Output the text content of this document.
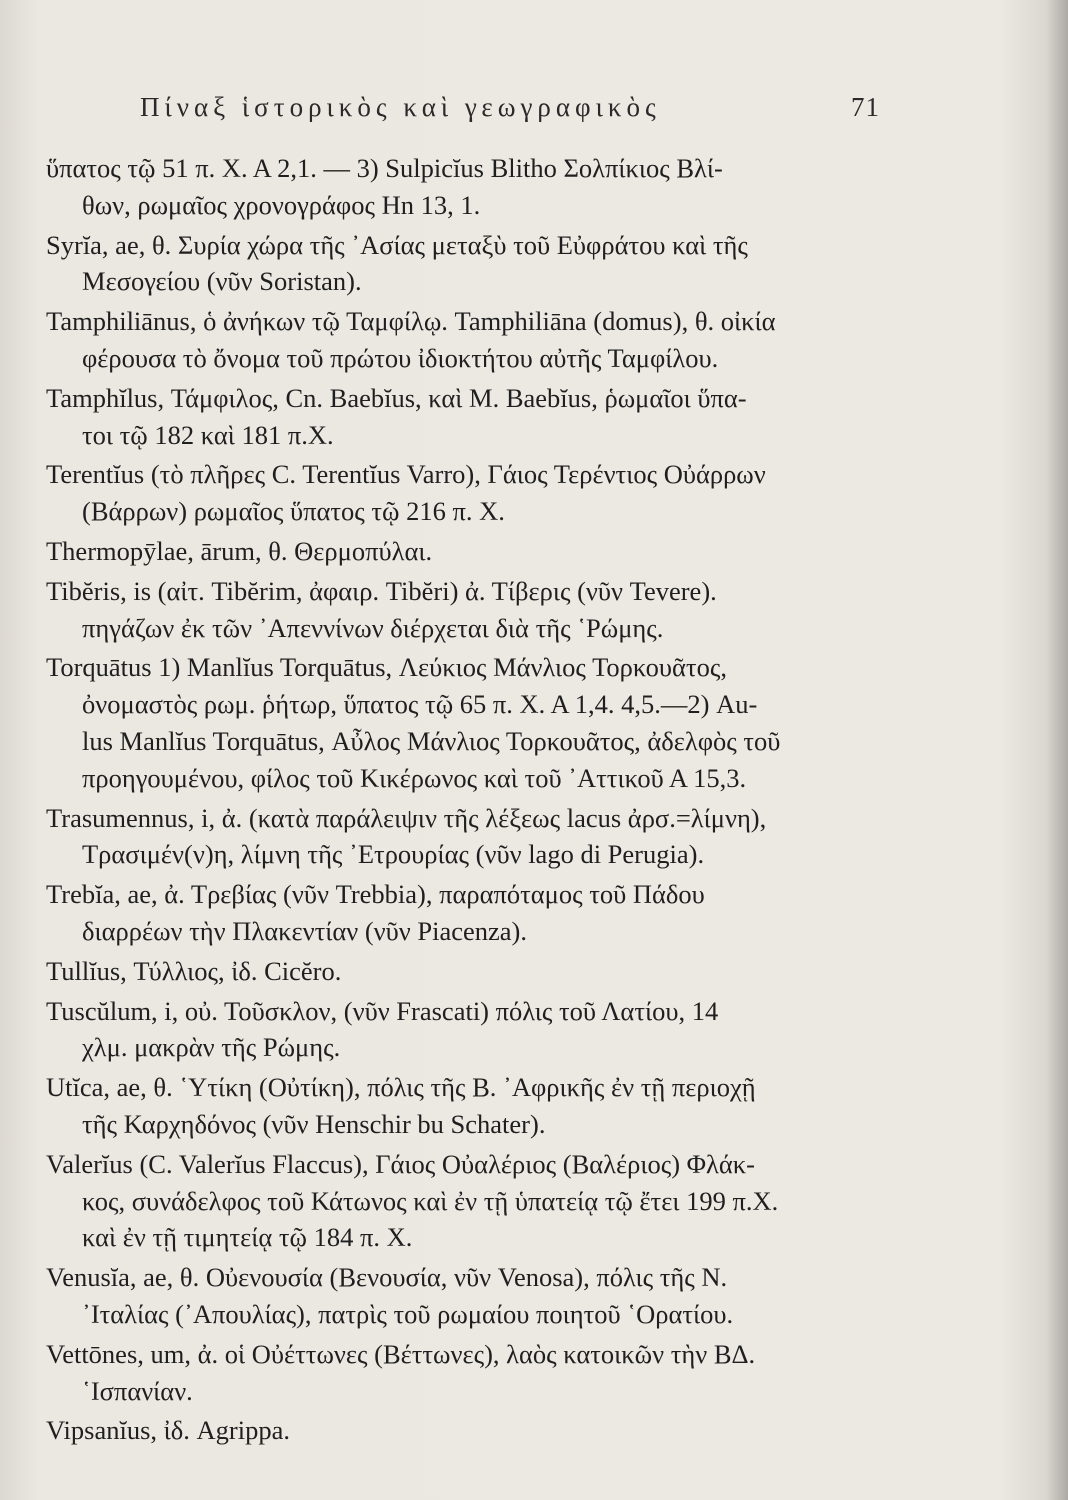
Πίναξ ἱστορικὸς καὶ γεωγραφικὸς	71
ὕπατος τῷ 51 π. Χ. Α 2,1. — 3) Sulpicĭus Blitho Σολπίκιος Βλί-
θων, ρωμαῖος χρονογράφος Ηn 13, 1.
Syrĭa, ae, θ. Συρία χώρα τῆς ᾽Ασίας μεταξὺ τοῦ Εὐφράτου καὶ τῆς
Μεσογείου (νῦν Soristan).
Tamphiliānus, ὁ ἀνήκων τῷ Ταμφίλῳ. Tamphiliāna (domus), θ. οἰκία
φέρουσα τὸ ὄνομα τοῦ πρώτου ἰδιοκτήτου αὐτῆς Ταμφίλου.
Tamphĭlus, Τάμφιλος, Cn. Baebĭus, καὶ Μ. Baebĭus, ῥωμαῖοι ὕπα-
τοι τῷ 182 καὶ 181 π.Χ.
Terentĭus (τὸ πλῆρες C. Terentĭus Varro), Γάιος Τερέντιος Οὐάρρων
(Βάρρων) ρωμαῖος ὕπατος τῷ 216 π. Χ.
Thermopȳlae, ārum, θ. Θερμοπύλαι.
Tibĕris, is (αἰτ. Tibĕrim, ἀφαιρ. Tibĕri) ἀ. Τίβερις (νῦν Tevere).
πηγάζων ἐκ τῶν ᾽Απεννίνων διέρχεται διὰ τῆς ῾Ρώμης.
Torquātus 1) Manlĭus Torquātus, Λεύκιος Μάνλιος Τορκουᾶτος,
ὀνομαστὸς ρωμ. ῥήτωρ, ὕπατος τῷ 65 π. Χ. Α 1,4. 4,5.—2) Au-
lus Manlĭus Torquātus, Αὖλος Μάνλιος Τορκουᾶτος, ἀδελφὸς τοῦ
προηγουμένου, φίλος τοῦ Κικέρωνος καὶ τοῦ ᾽Αττικοῦ Α 15,3.
Trasumennus, i, ἀ. (κατὰ παράλειψιν τῆς λέξεως lacus ἀρσ.=λίμνη),
Τρασιμέν(ν)η, λίμνη τῆς ᾽Ετρουρίας (νῦν lago di Perugia).
Trebĭa, ae, ἀ. Τρεβίας (νῦν Trebbia), παραπόταμος τοῦ Πάδου
διαρρέων τὴν Πλακεντίαν (νῦν Piacenza).
Tullĭus, Τύλλιος, ἰδ. Cicĕro.
Tuscŭlum, i, οὐ. Τοῦσκλον, (νῦν Frascati) πόλις τοῦ Λατίου, 14
χλμ. μακρὰν τῆς Ρώμης.
Utĭca, ae, θ. ῾Υτίκη (Οὐτίκη), πόλις τῆς Β. ᾽Αφρικῆς ἐν τῇ περιοχῇ
τῆς Καρχηδόνος (νῦν Henschir bu Schater).
Valerĭus (C. Valerĭus Flaccus), Γάιος Οὐαλέριος (Βαλέριος) Φλάκ-
κος, συνάδελφος τοῦ Κάτωνος καὶ ἐν τῇ ὑπατείᾳ τῷ ἔτει 199 π.Χ.
καὶ ἐν τῇ τιμητείᾳ τῷ 184 π. Χ.
Venusĭa, ae, θ. Οὐενουσία (Βενουσία, νῦν Venosa), πόλις τῆς Ν.
᾽Ιταλίας (᾽Απουλίας), πατρὶς τοῦ ρωμαίου ποιητοῦ ῾Ορατίου.
Vettōnes, um, ἀ. οἱ Οὐέττωνες (Βέττωνες), λαὸς κατοικῶν τὴν ΒΔ.
῾Ισπανίαν.
Vipsanĭus, ἰδ. Agrippa.
